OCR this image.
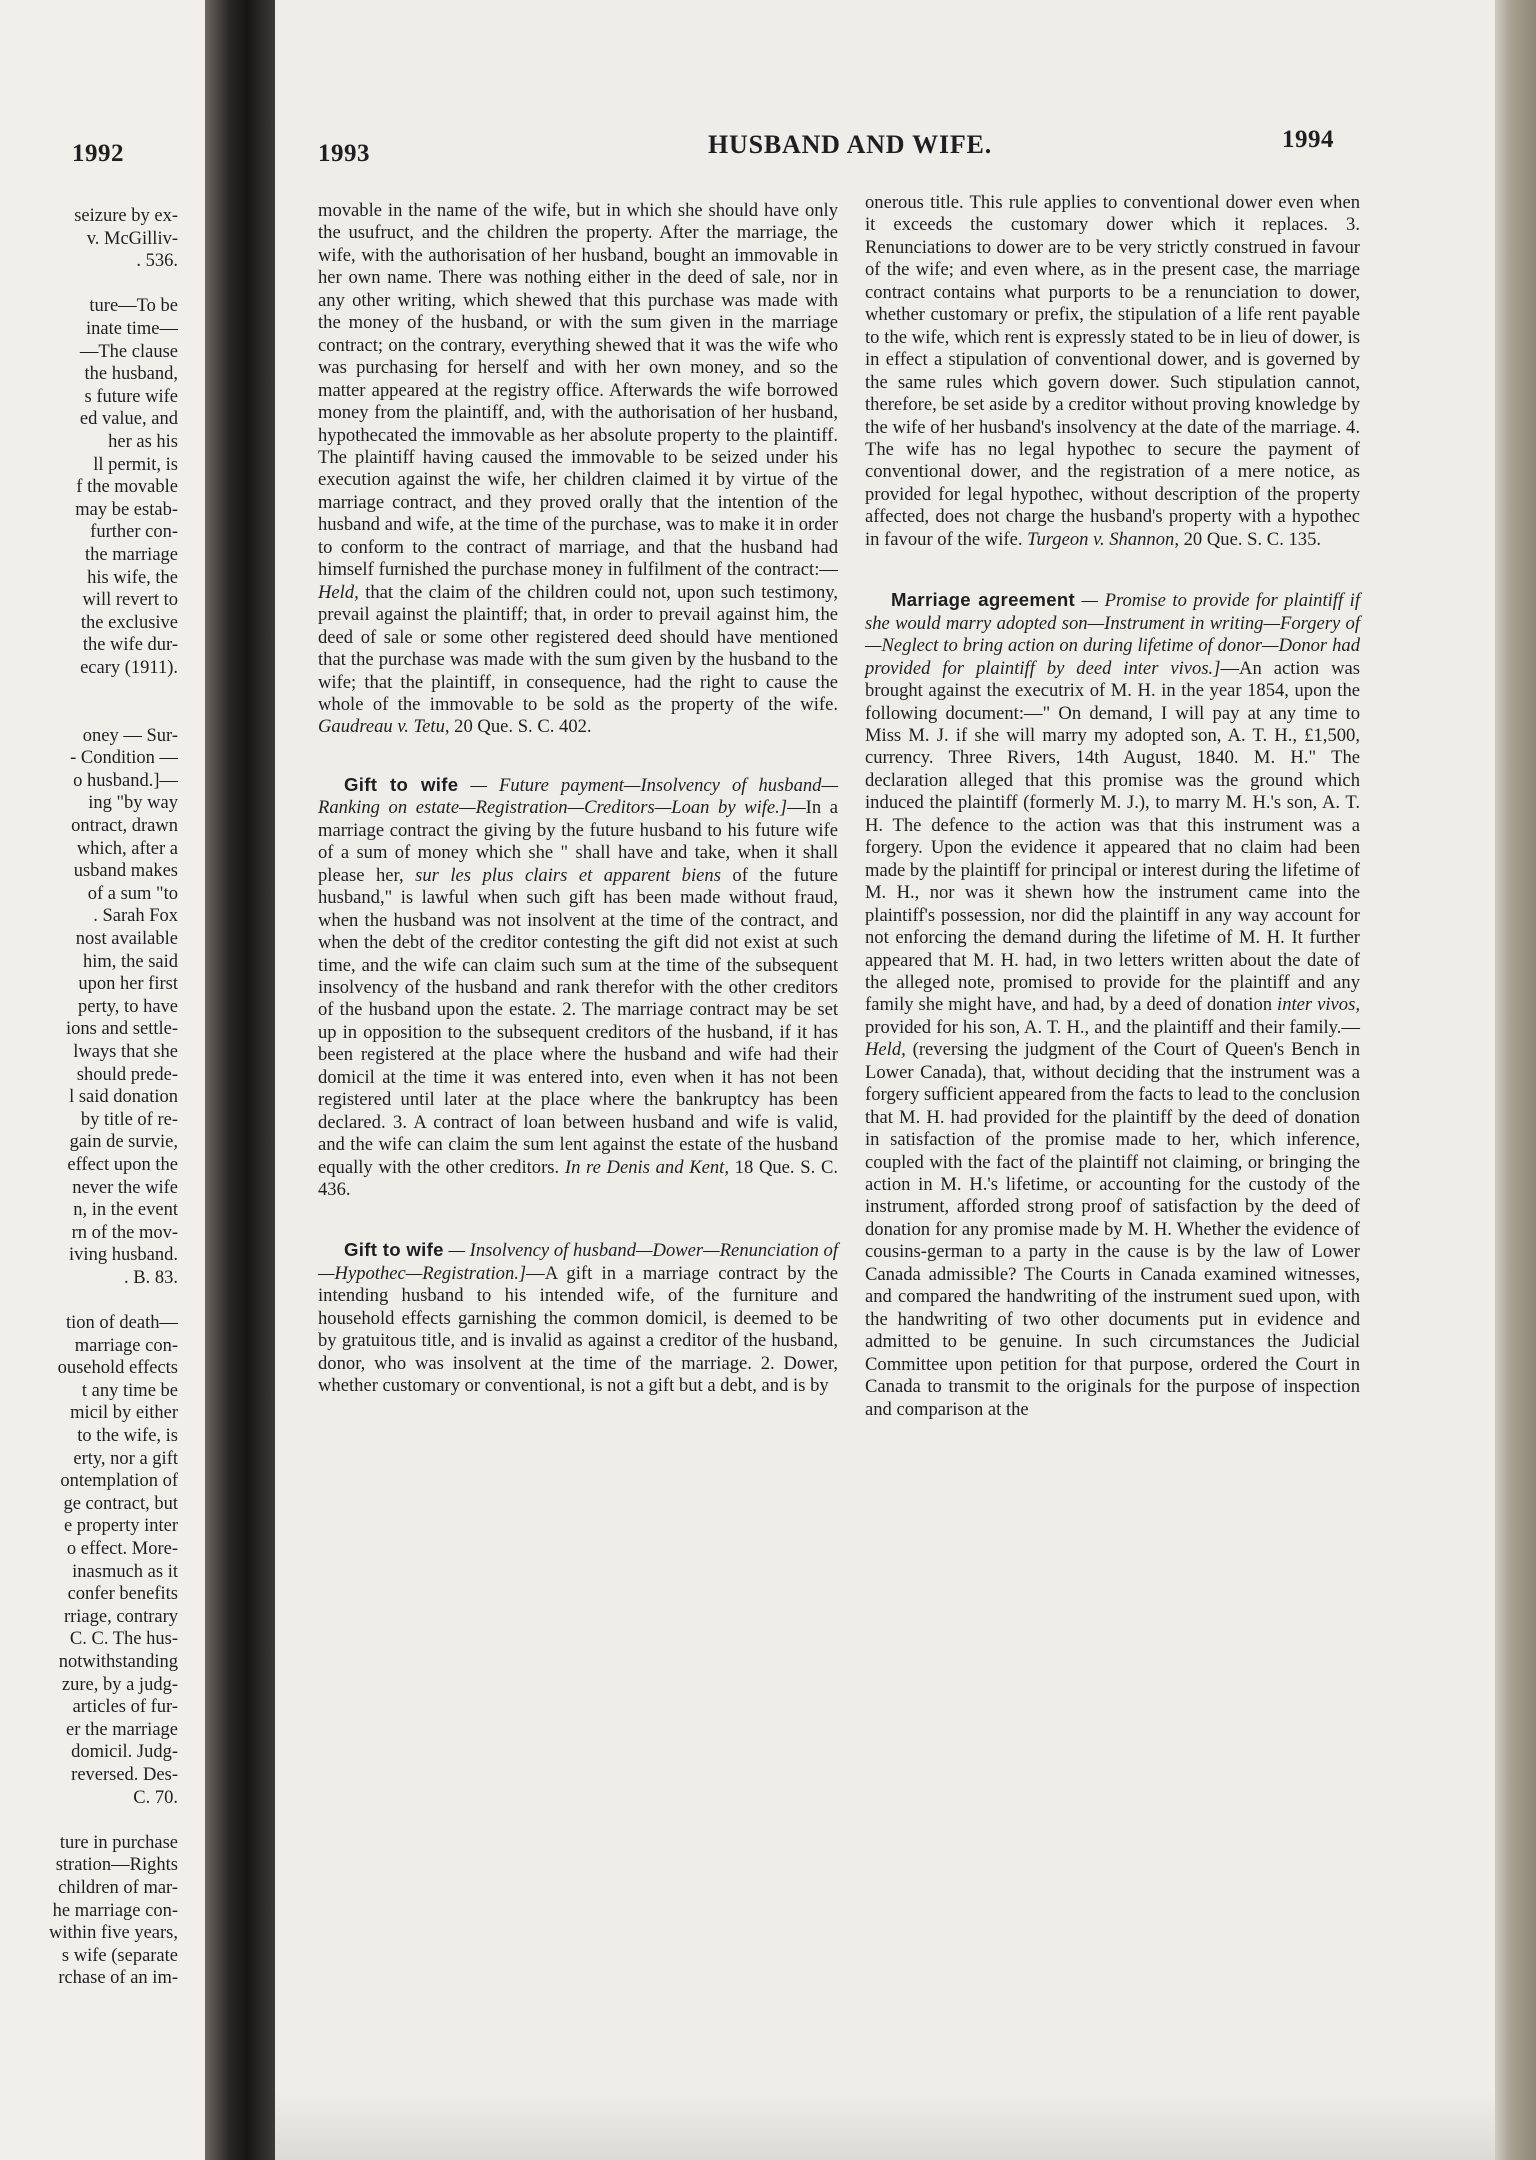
1992
seizure by ex-
v. McGilliv-
. 536.

ture—To be
inate time—
—The clause
the husband,
s future wife
ed value, and
her as his
ll permit, is
f the movable
may be estab-
further con-
the marriage
his wife, the
will revert to
the exclusive
the wife dur-
ecary (1911).

oney — Sur-
- Condition —
o husband.]—
ing "by way
ontract, drawn
which, after a
usband makes
of a sum "to
. Sarah Fox
nost available
him, the said
upon her first
perty, to have
ions and settle-
lways that she
should prede-
l said donation
by title of re-
gain de survie,
effect upon the
never the wife
n, in the event
rn of the mov-
iving husband.
. B. 83.

tion of death—
marriage con-
ousehold effects
t any time be
micil by either
to the wife, is
erty, nor a gift
ontemplation of
ge contract, but
e property inter
o effect. More-
inasmuch as it
confer benefits
rriage, contrary
C. C. The hus-
notwithstanding
zure, by a judg-
articles of fur-
er the marriage
domicil. Judg-
reversed. Des-
C. 70.

ture in purchase
stration—Rights
children of mar-
he marriage con-
within five years,
s wife (separate
rchase of an im-
1993	HUSBAND AND WIFE.	1994

movable in the name of the wife, but in which she should have only the usufruct, and the children the property. After the marriage, the wife, with the authorisation of her husband, bought an immovable in her own name. There was nothing either in the deed of sale, nor in any other writing, which shewed that this purchase was made with the money of the husband, or with the sum given in the marriage contract; on the contrary, everything shewed that it was the wife who was purchasing for herself and with her own money, and so the matter appeared at the registry office. Afterwards the wife borrowed money from the plaintiff, and, with the authorisation of her husband, hypothecated the immovable as her absolute property to the plaintiff. The plaintiff having caused the immovable to be seized under his execution against the wife, her children claimed it by virtue of the marriage contract, and they proved orally that the intention of the husband and wife, at the time of the purchase, was to make it in order to conform to the contract of marriage, and that the husband had himself furnished the purchase money in fulfilment of the contract:—Held, that the claim of the children could not, upon such testimony, prevail against the plaintiff; that, in order to prevail against him, the deed of sale or some other registered deed should have mentioned that the purchase was made with the sum given by the husband to the wife; that the plaintiff, in consequence, had the right to cause the whole of the immovable to be sold as the property of the wife. Gaudreau v. Tetu, 20 Que. S. C. 402.

Gift to wife — Future payment—Insolvency of husband—Ranking on estate—Registration—Creditors—Loan by wife.]—In a marriage contract the giving by the future husband to his future wife of a sum of money which she " shall have and take, when it shall please her, sur les plus clairs et apparent biens of the future husband," is lawful when such gift has been made without fraud, when the husband was not insolvent at the time of the contract, and when the debt of the creditor contesting the gift did not exist at such time, and the wife can claim such sum at the time of the subsequent insolvency of the husband and rank therefor with the other creditors of the husband upon the estate. 2. The marriage contract may be set up in opposition to the subsequent creditors of the husband, if it has been registered at the place where the husband and wife had their domicil at the time it was entered into, even when it has not been registered until later at the place where the bankruptcy has been declared. 3. A contract of loan between husband and wife is valid, and the wife can claim the sum lent against the estate of the husband equally with the other creditors. In re Denis and Kent, 18 Que. S. C. 436.

Gift to wife — Insolvency of husband—Dower—Renunciation of—Hypothec—Registration.]—A gift in a marriage contract by the intending husband to his intended wife, of the furniture and household effects garnishing the common domicil, is deemed to be by gratuitous title, and is invalid as against a creditor of the husband, donor, who was insolvent at the time of the marriage. 2. Dower, whether customary or conventional, is not a gift but a debt, and is by

onerous title. This rule applies to conventional dower even when it exceeds the customary dower which it replaces. 3. Renunciations to dower are to be very strictly construed in favour of the wife; and even where, as in the present case, the marriage contract contains what purports to be a renunciation to dower, whether customary or prefix, the stipulation of a life rent payable to the wife, which rent is expressly stated to be in lieu of dower, is in effect a stipulation of conventional dower, and is governed by the same rules which govern dower. Such stipulation cannot, therefore, be set aside by a creditor without proving knowledge by the wife of her husband's insolvency at the date of the marriage. 4. The wife has no legal hypothec to secure the payment of conventional dower, and the registration of a mere notice, as provided for legal hypothec, without description of the property affected, does not charge the husband's property with a hypothec in favour of the wife. Turgeon v. Shannon, 20 Que. S. C. 135.

Marriage agreement — Promise to provide for plaintiff if she would marry adopted son—Instrument in writing—Forgery of —Neglect to bring action on during lifetime of donor—Donor had provided for plaintiff by deed inter vivos.]—An action was brought against the executrix of M. H. in the year 1854, upon the following document:—" On demand, I will pay at any time to Miss M. J. if she will marry my adopted son, A. T. H., £1,500, currency. Three Rivers, 14th August, 1840. M. H." The declaration alleged that this promise was the ground which induced the plaintiff (formerly M. J.), to marry M. H.'s son, A. T. H. The defence to the action was that this instrument was a forgery. Upon the evidence it appeared that no claim had been made by the plaintiff for principal or interest during the lifetime of M. H., nor was it shewn how the instrument came into the plaintiff's possession, nor did the plaintiff in any way account for not enforcing the demand during the lifetime of M. H. It further appeared that M. H. had, in two letters written about the date of the alleged note, promised to provide for the plaintiff and any family she might have, and had, by a deed of donation inter vivos, provided for his son, A. T. H., and the plaintiff and their family.—Held, (reversing the judgment of the Court of Queen's Bench in Lower Canada), that, without deciding that the instrument was a forgery sufficient appeared from the facts to lead to the conclusion that M. H. had provided for the plaintiff by the deed of donation in satisfaction of the promise made to her, which inference, coupled with the fact of the plaintiff not claiming, or bringing the action in M. H.'s lifetime, or accounting for the custody of the instrument, afforded strong proof of satisfaction by the deed of donation for any promise made by M. H. Whether the evidence of cousins-german to a party in the cause is by the law of Lower Canada admissible? The Courts in Canada examined witnesses, and compared the handwriting of the instrument sued upon, with the handwriting of two other documents put in evidence and admitted to be genuine. In such circumstances the Judicial Committee upon petition for that purpose, ordered the Court in Canada to transmit to the originals for the purpose of inspection and comparison at the
